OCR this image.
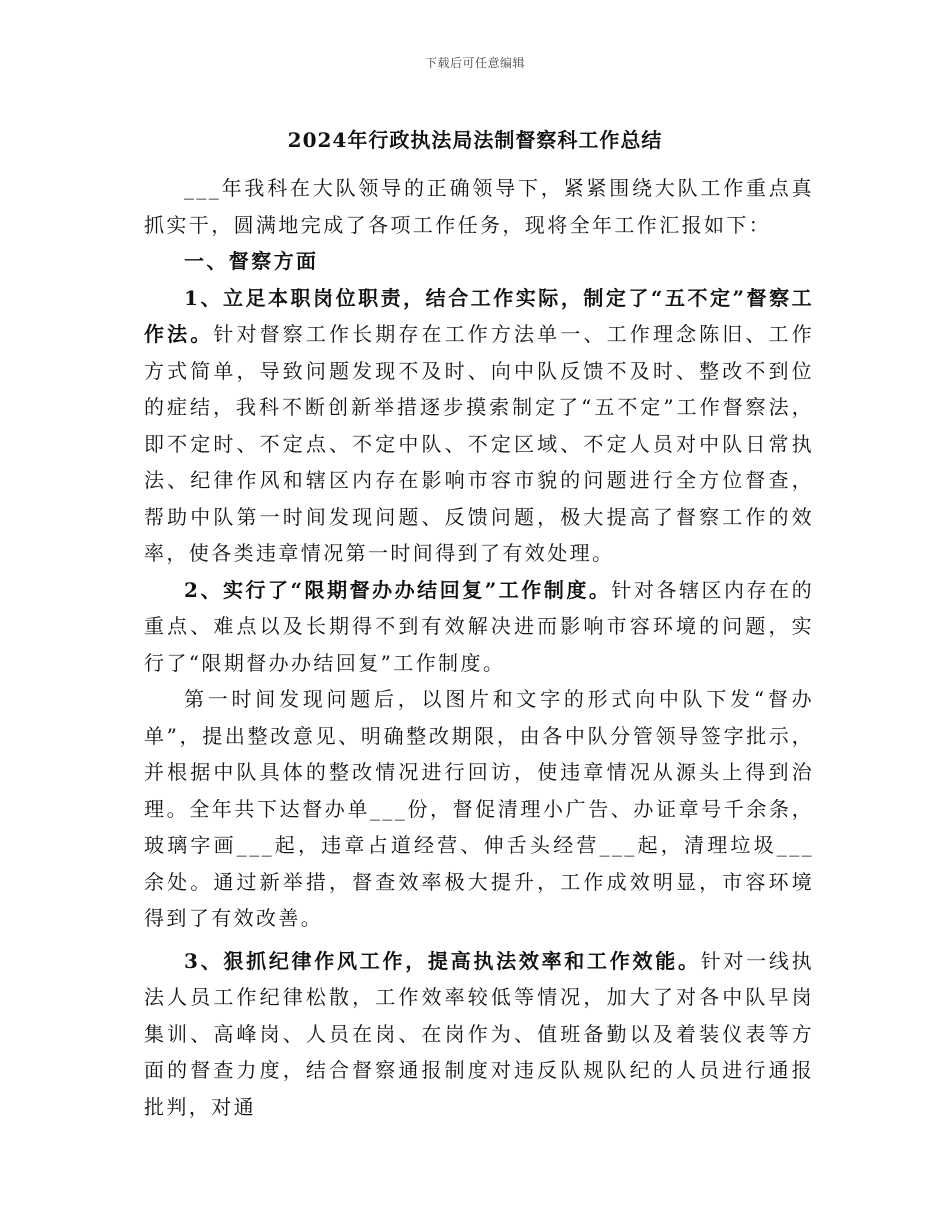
下载后可任意编辑
2024年行政执法局法制督察科工作总结

___年我科在大队领导的正确领导下，紧紧围绕大队工作重点真抓实干，圆满地完成了各项工作任务，现将全年工作汇报如下：

一、督察方面

1、立足本职岗位职责，结合工作实际，制定了“五不定”督察工作法。针对督察工作长期存在工作方法单一、工作理念陈旧、工作方式简单，导致问题发现不及时、向中队反馈不及时、整改不到位的症结，我科不断创新举措逐步摸索制定了“五不定”工作督察法，即不定时、不定点、不定中队、不定区域、不定人员对中队日常执法、纪律作风和辖区内存在影响市容市貌的问题进行全方位督查，帮助中队第一时间发现问题、反馈问题，极大提高了督察工作的效率，使各类违章情况第一时间得到了有效处理。

2、实行了“限期督办办结回复”工作制度。针对各辖区内存在的重点、难点以及长期得不到有效解决进而影响市容环境的问题，实行了“限期督办办结回复”工作制度。

第一时间发现问题后，以图片和文字的形式向中队下发“督办单”，提出整改意见、明确整改期限，由各中队分管领导签字批示，并根据中队具体的整改情况进行回访，使违章情况从源头上得到治理。全年共下达督办单___份，督促清理小广告、办证章号千余条，玻璃字画___起，违章占道经营、伸舌头经营___起，清理垃圾___余处。通过新举措，督查效率极大提升，工作成效明显，市容环境得到了有效改善。

3、狠抓纪律作风工作，提高执法效率和工作效能。针对一线执法人员工作纪律松散，工作效率较低等情况，加大了对各中队早岗集训、高峰岗、人员在岗、在岗作为、值班备勤以及着装仪表等方面的督查力度，结合督察通报制度对违反队规队纪的人员进行通报批判，对通
